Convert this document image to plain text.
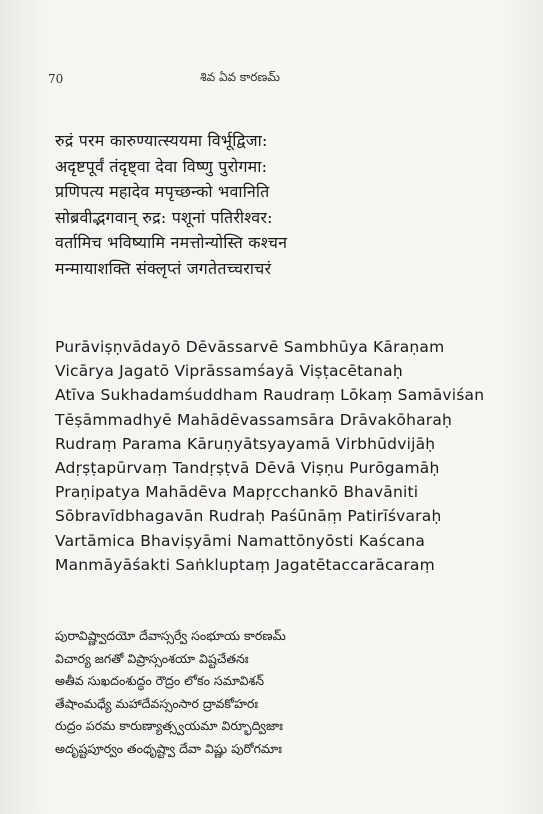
70	శివ ఏవ కారణమ్
रुद्रं परम कारुण्यात्स्ययमा विर्भूद्विजा:
अदृष्टपूर्वं तंदृष्ट्वा देवा विष्णु पुरोगमा:
प्रणिपत्य महादेव मपृच्छन्को भवानिति
सोब्रवीद्भगवान् रुद्र: पशूनां पतिरीश्वर:
वर्तामिच भविष्यामि नमत्तोन्योस्ति कश्चन
मन्मायाशक्ति संक्लृप्तं जगतेतच्चराचरं
Purāviṣṇvādayō Dēvāssarvē Sambhūya Kāraṇam
Vicārya Jagatō Viprāssamśayā Viṣṭacētanaḥ
Atīva Sukhadamśuddham Raudraṃ Lōkaṃ Samāviśan
Tēṣāmmadhyē Mahādēvassamsāra Drāvakōharaḥ
Rudraṃ Parama Kāruṇyātsyayamā Virbhūdvijāḥ
Adṛṣṭapūrvaṃ Tandṛṣṭvā Dēvā Viṣṇu Purōgamāḥ
Praṇipatya Mahādēva Mapṛcchankō Bhavāniti
Sōbravīdbhagavān Rudraḥ Paśūnāṃ Patirīśvaraḥ
Vartāmica Bhaviṣyāmi Namattōnyōsti Kaścana
Manmāyāśakti Saṅkluptaṃ Jagatētaccarācaraṃ
పురావిష్ణ్వాదయో దేవాస్సర్వే సంభూయ కారణమ్
విచార్య జగతో విప్రాస్సంశయా విష్టచేతనః
అతీవ సుఖదంశుద్ధం రౌద్రం లోకం సమావిశన్
తేషాంమధ్యే మహాదేవస్సంసార ద్రావకోహరః
రుద్రం పరమ కారుణ్యాత్స్వయమా విర్భూద్విజాః
అదృష్టపూర్వం తంధృష్ట్వా దేవా విష్ణు పురోగమాః
